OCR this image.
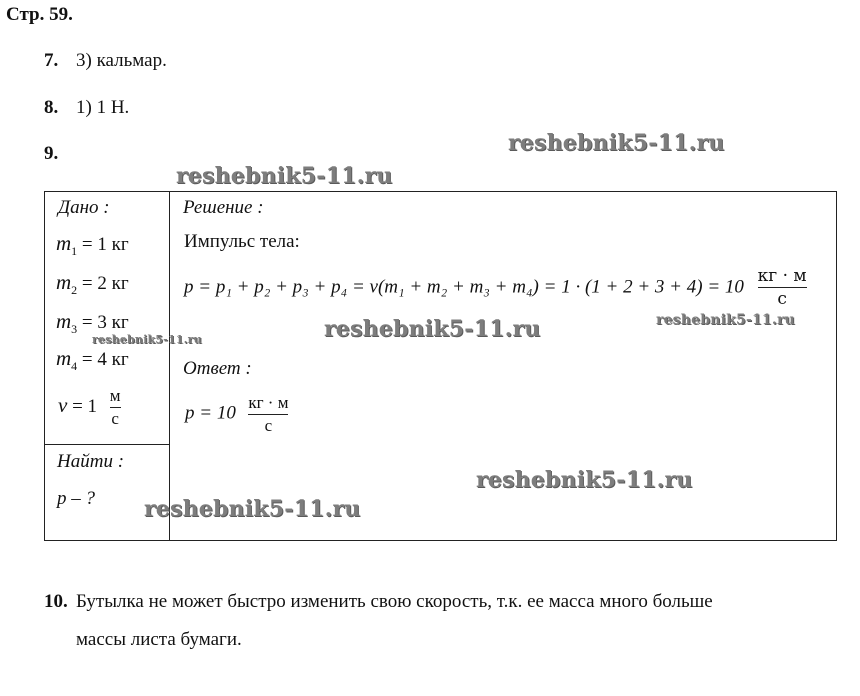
Стр. 59.
7. 3) кальмар.
8. 1) 1 Н.
9.
Дано :
$m_1 = 1$ кг
$m_2 = 2$ кг
$m_3 = 3$ кг
$m_4 = 4$ кг
$v = 1 \frac{м}{с}$
Найти :
p – ?
Решение :
Импульс тела:
$p = p_1 + p_2 + p_3 + p_4 = v(m_1 + m_2 + m_3 + m_4) = 1 \cdot (1 + 2 + 3 + 4) = 10 \frac{кг \cdot м}{с}$
Ответ :
$p = 10 \frac{кг \cdot м}{с}$
10. Бутылка не может быстро изменить свою скорость, т.к. ее масса много больше
массы листа бумаги.
reshebnik5-11.ru
reshebnik5-11.ru
reshebnik5-11.ru	reshebnik5-11.ru
reshebnik5-11.ru
reshebnik5-11.ru
reshebnik5-11.ru
